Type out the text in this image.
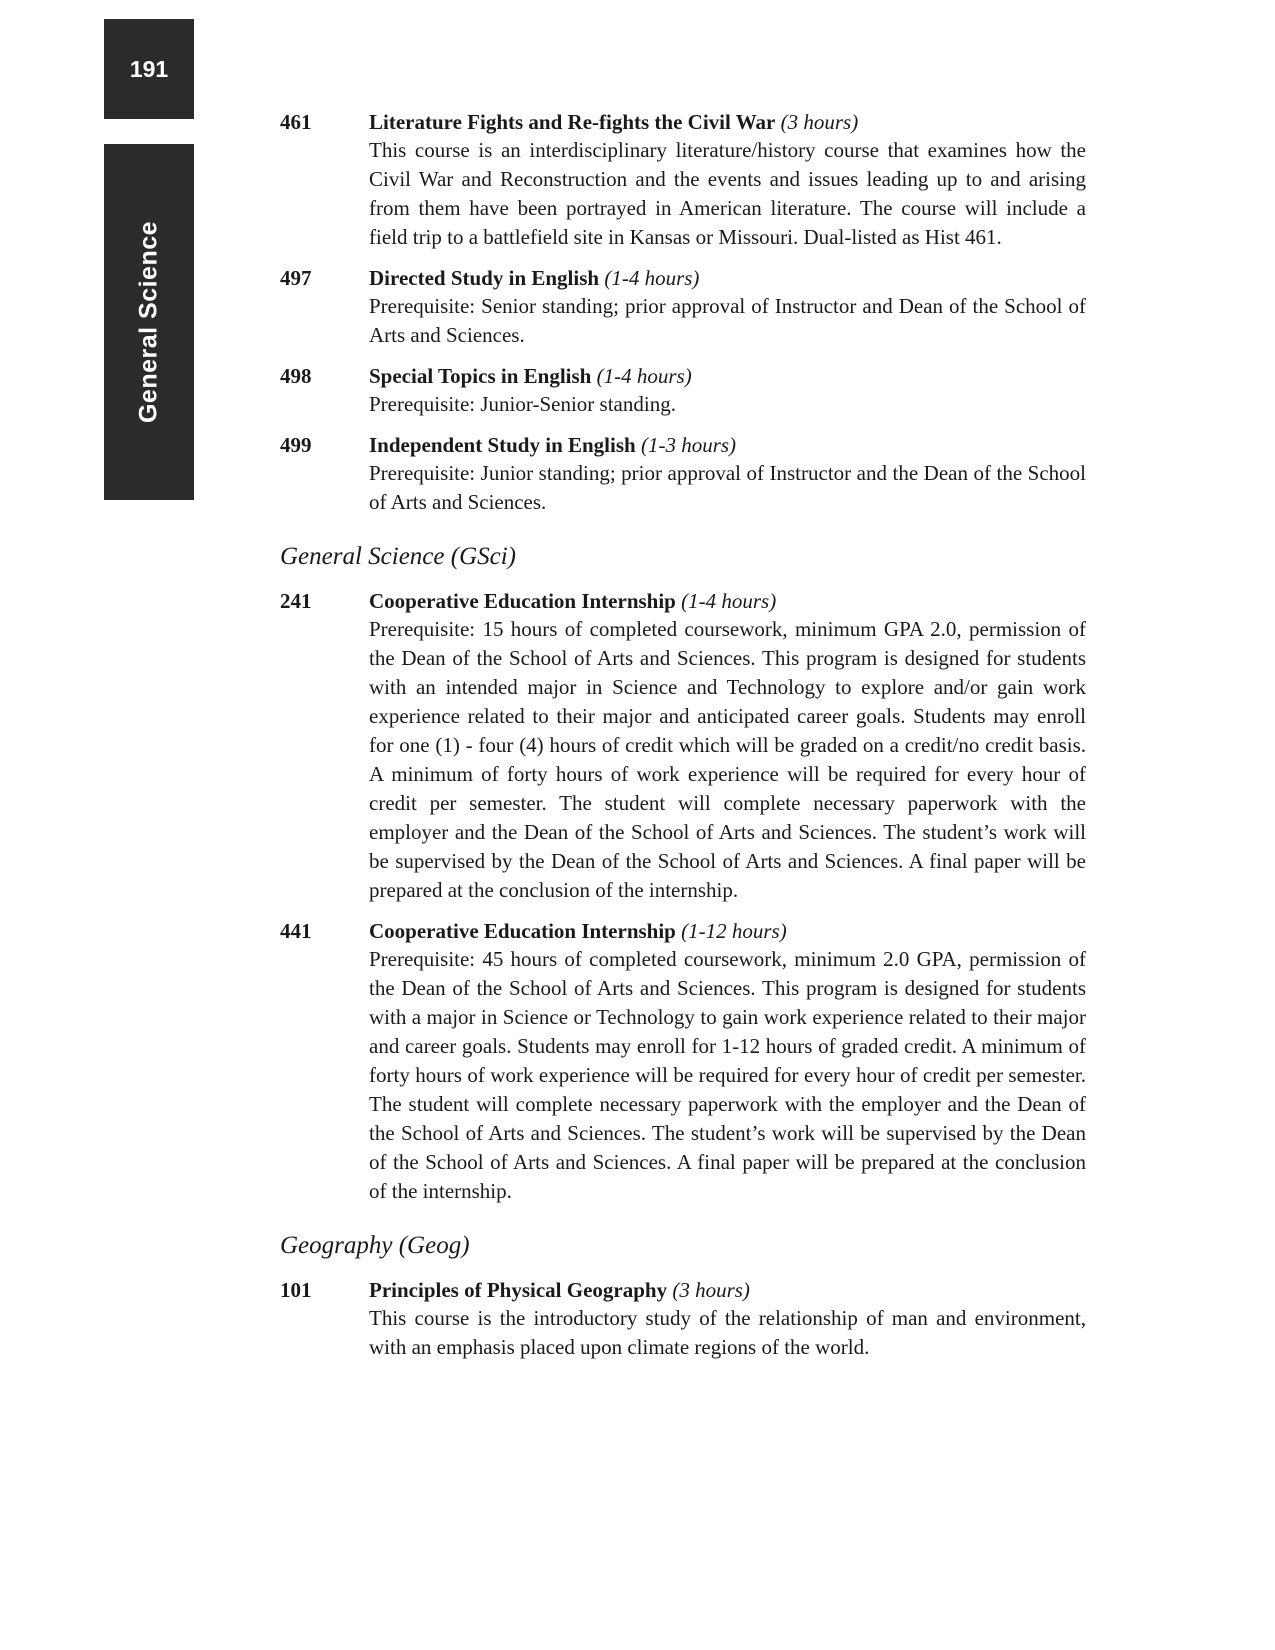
191
General Science
461	Literature Fights and Re-fights the Civil War (3 hours)

This course is an interdisciplinary literature/history course that examines how the Civil War and Reconstruction and the events and issues leading up to and arising from them have been portrayed in American literature. The course will include a field trip to a battlefield site in Kansas or Missouri. Dual-listed as Hist 461.

497	Directed Study in English (1-4 hours)

Prerequisite: Senior standing; prior approval of Instructor and Dean of the School of Arts and Sciences.

498	Special Topics in English (1-4 hours)

Prerequisite: Junior-Senior standing.

499	Independent Study in English (1-3 hours)

Prerequisite: Junior standing; prior approval of Instructor and the Dean of the School of Arts and Sciences.

General Science (GSci)
241	Cooperative Education Internship (1-4 hours)

Prerequisite: 15 hours of completed coursework, minimum GPA 2.0, permission of the Dean of the School of Arts and Sciences. This program is designed for students with an intended major in Science and Technology to explore and/or gain work experience related to their major and anticipated career goals. Students may enroll for one (1) - four (4) hours of credit which will be graded on a credit/no credit basis. A minimum of forty hours of work experience will be required for every hour of credit per semester. The student will complete necessary paperwork with the employer and the Dean of the School of Arts and Sciences. The student’s work will be supervised by the Dean of the School of Arts and Sciences. A final paper will be prepared at the conclusion of the internship.

441	Cooperative Education Internship (1-12 hours)

Prerequisite: 45 hours of completed coursework, minimum 2.0 GPA, permission of the Dean of the School of Arts and Sciences. This program is designed for students with a major in Science or Technology to gain work experience related to their major and career goals. Students may enroll for 1-12 hours of graded credit. A minimum of forty hours of work experience will be required for every hour of credit per semester. The student will complete necessary paperwork with the employer and the Dean of the School of Arts and Sciences. The student’s work will be supervised by the Dean of the School of Arts and Sciences. A final paper will be prepared at the conclusion of the internship.

Geography (Geog)
101	Principles of Physical Geography (3 hours)

This course is the introductory study of the relationship of man and environment, with an emphasis placed upon climate regions of the world.
